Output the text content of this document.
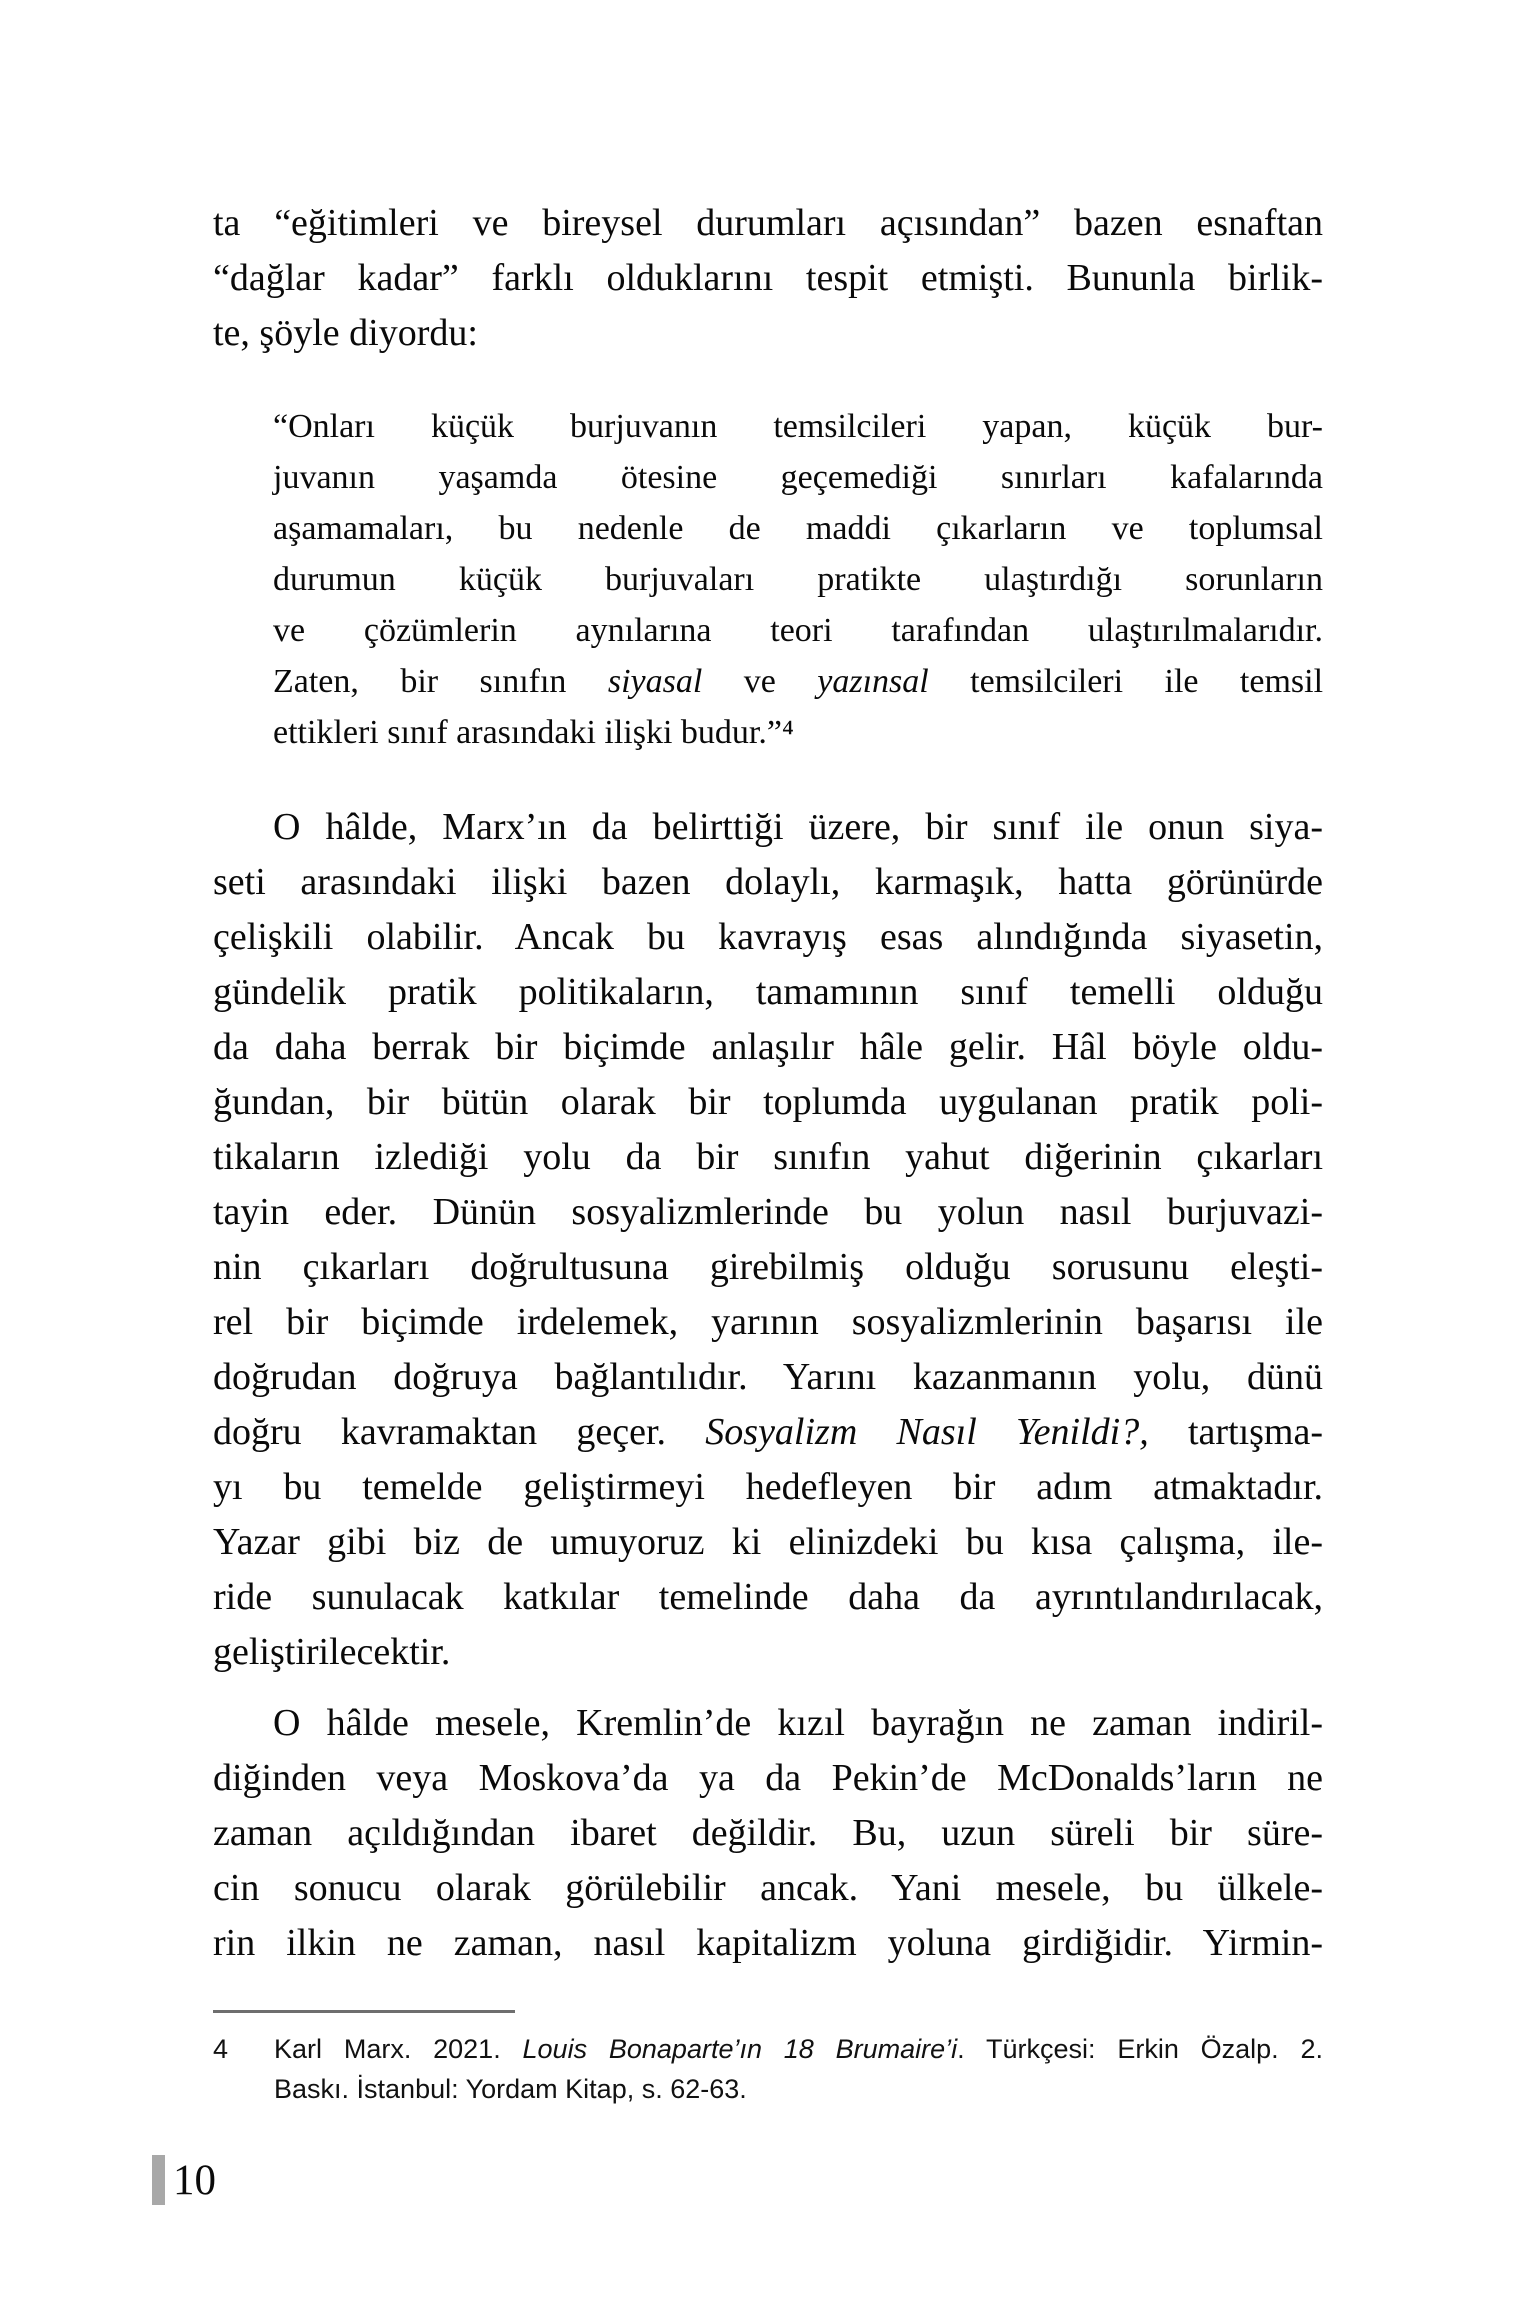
ta “eğitimleri ve bireysel durumları açısından” bazen esnaftan
“dağlar kadar” farklı olduklarını tespit etmişti. Bununla birlik-
te, şöyle diyordu:
“Onları küçük burjuvanın temsilcileri yapan, küçük bur-
juvanın yaşamda ötesine geçemediği sınırları kafalarında
aşamamaları, bu nedenle de maddi çıkarların ve toplumsal
durumun küçük burjuvaları pratikte ulaştırdığı sorunların
ve çözümlerin aynılarına teori tarafından ulaştırılmalarıdır.
Zaten, bir sınıfın siyasal ve yazınsal temsilcileri ile temsil
ettikleri sınıf arasındaki ilişki budur.”⁴
O hâlde, Marx’ın da belirttiği üzere, bir sınıf ile onun siya-
seti arasındaki ilişki bazen dolaylı, karmaşık, hatta görünürde
çelişkili olabilir. Ancak bu kavrayış esas alındığında siyasetin,
gündelik pratik politikaların, tamamının sınıf temelli olduğu
da daha berrak bir biçimde anlaşılır hâle gelir. Hâl böyle oldu-
ğundan, bir bütün olarak bir toplumda uygulanan pratik poli-
tikaların izlediği yolu da bir sınıfın yahut diğerinin çıkarları
tayin eder. Dünün sosyalizmlerinde bu yolun nasıl burjuvazi-
nin çıkarları doğrultusuna girebilmiş olduğu sorusunu eleşti-
rel bir biçimde irdelemek, yarının sosyalizmlerinin başarısı ile
doğrudan doğruya bağlantılıdır. Yarını kazanmanın yolu, dünü
doğru kavramaktan geçer. Sosyalizm Nasıl Yenildi?, tartışma-
yı bu temelde geliştirmeyi hedefleyen bir adım atmaktadır.
Yazar gibi biz de umuyoruz ki elinizdeki bu kısa çalışma, ile-
ride sunulacak katkılar temelinde daha da ayrıntılandırılacak,
geliştirilecektir.
O hâlde mesele, Kremlin’de kızıl bayrağın ne zaman indiril-
diğinden veya Moskova’da ya da Pekin’de McDonalds’ların ne
zaman açıldığından ibaret değildir. Bu, uzun süreli bir süre-
cin sonucu olarak görülebilir ancak. Yani mesele, bu ülkele-
rin ilkin ne zaman, nasıl kapitalizm yoluna girdiğidir. Yirmin-
4	Karl Marx. 2021. Louis Bonaparte’ın 18 Brumaire’i. Türkçesi: Erkin Özalp. 2.
Baskı. İstanbul: Yordam Kitap, s. 62-63.
10
